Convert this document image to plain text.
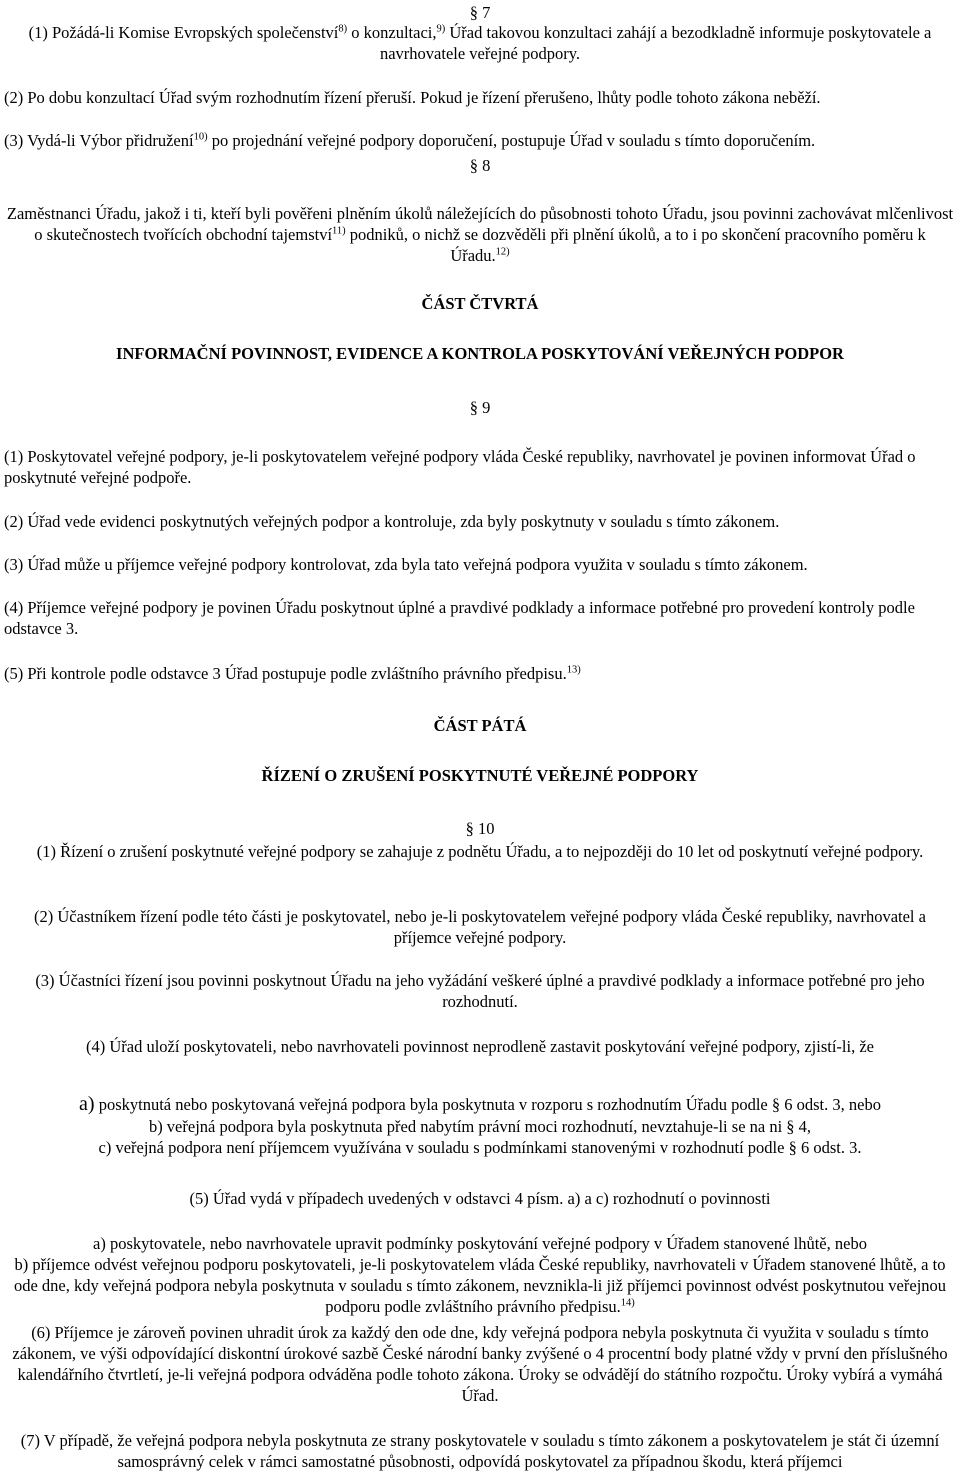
§ 7
(1) Požádá-li Komise Evropských společenství$^{8)}$ o konzultaci,$^{9)}$ Úřad takovou konzultaci zahájí a bezodkladně informuje poskytovatele a navrhovatele veřejné podpory.
(2) Po dobu konzultací Úřad svým rozhodnutím řízení přeruší. Pokud je řízení přerušeno, lhůty podle tohoto zákona neběží.
(3) Vydá-li Výbor přidružení$^{10)}$ po projednání veřejné podpory doporučení, postupuje Úřad v souladu s tímto doporučením.
§ 8
Zaměstnanci Úřadu, jakož i ti, kteří byli pověřeni plněním úkolů náležejících do působnosti tohoto Úřadu, jsou povinni zachovávat mlčenlivost o skutečnostech tvořících obchodní tajemství$^{11)}$ podniků, o nichž se dozvěděli při plnění úkolů, a to i po skončení pracovního poměru k Úřadu.$^{12)}$
ČÁST ČTVRTÁ
INFORMAČNÍ POVINNOST, EVIDENCE A KONTROLA POSKYTOVÁNÍ VEŘEJNÝCH PODPOR
§ 9
(1) Poskytovatel veřejné podpory, je-li poskytovatelem veřejné podpory vláda České republiky, navrhovatel je povinen informovat Úřad o poskytnuté veřejné podpoře.
(2) Úřad vede evidenci poskytnutých veřejných podpor a kontroluje, zda byly poskytnuty v souladu s tímto zákonem.
(3) Úřad může u příjemce veřejné podpory kontrolovat, zda byla tato veřejná podpora využita v souladu s tímto zákonem.
(4) Příjemce veřejné podpory je povinen Úřadu poskytnout úplné a pravdivé podklady a informace potřebné pro provedení kontroly podle odstavce 3.
(5) Při kontrole podle odstavce 3 Úřad postupuje podle zvláštního právního předpisu.$^{13)}$
ČÁST PÁTÁ
ŘÍZENÍ O ZRUŠENÍ POSKYTNUTÉ VEŘEJNÉ PODPORY
§ 10
(1) Řízení o zrušení poskytnuté veřejné podpory se zahajuje z podnětu Úřadu, a to nejpozději do 10 let od poskytnutí veřejné podpory.
(2) Účastníkem řízení podle této části je poskytovatel, nebo je-li poskytovatelem veřejné podpory vláda České republiky, navrhovatel a příjemce veřejné podpory.
(3) Účastníci řízení jsou povinni poskytnout Úřadu na jeho vyžádání veškeré úplné a pravdivé podklady a informace potřebné pro jeho rozhodnutí.
(4) Úřad uloží poskytovateli, nebo navrhovateli povinnost neprodleně zastavit poskytování veřejné podpory, zjistí-li, že
a) poskytnutá nebo poskytovaná veřejná podpora byla poskytnuta v rozporu s rozhodnutím Úřadu podle § 6 odst. 3, nebo
b) veřejná podpora byla poskytnuta před nabytím právní moci rozhodnutí, nevztahuje-li se na ni § 4,
c) veřejná podpora není příjemcem využívána v souladu s podmínkami stanovenými v rozhodnutí podle § 6 odst. 3.
(5) Úřad vydá v případech uvedených v odstavci 4 písm. a) a c) rozhodnutí o povinnosti
a) poskytovatele, nebo navrhovatele upravit podmínky poskytování veřejné podpory v Úřadem stanovené lhůtě, nebo
b) příjemce odvést veřejnou podporu poskytovateli, je-li poskytovatelem vláda České republiky, navrhovateli v Úřadem stanovené lhůtě, a to ode dne, kdy veřejná podpora nebyla poskytnuta v souladu s tímto zákonem, nevznikla-li již příjemci povinnost odvést poskytnutou veřejnou podporu podle zvláštního právního předpisu.$^{14)}$
(6) Příjemce je zároveň povinen uhradit úrok za každý den ode dne, kdy veřejná podpora nebyla poskytnuta či využita v souladu s tímto zákonem, ve výši odpovídající diskontní úrokové sazbě České národní banky zvýšené o 4 procentní body platné vždy v první den příslušného kalendářního čtvrtletí, je-li veřejná podpora odváděna podle tohoto zákona. Úroky se odvádějí do státního rozpočtu. Úroky vybírá a vymáhá Úřad.
(7) V případě, že veřejná podpora nebyla poskytnuta ze strany poskytovatele v souladu s tímto zákonem a poskytovatelem je stát či územní samosprávný celek v rámci samostatné působnosti, odpovídá poskytovatel za případnou škodu, která příjemci
